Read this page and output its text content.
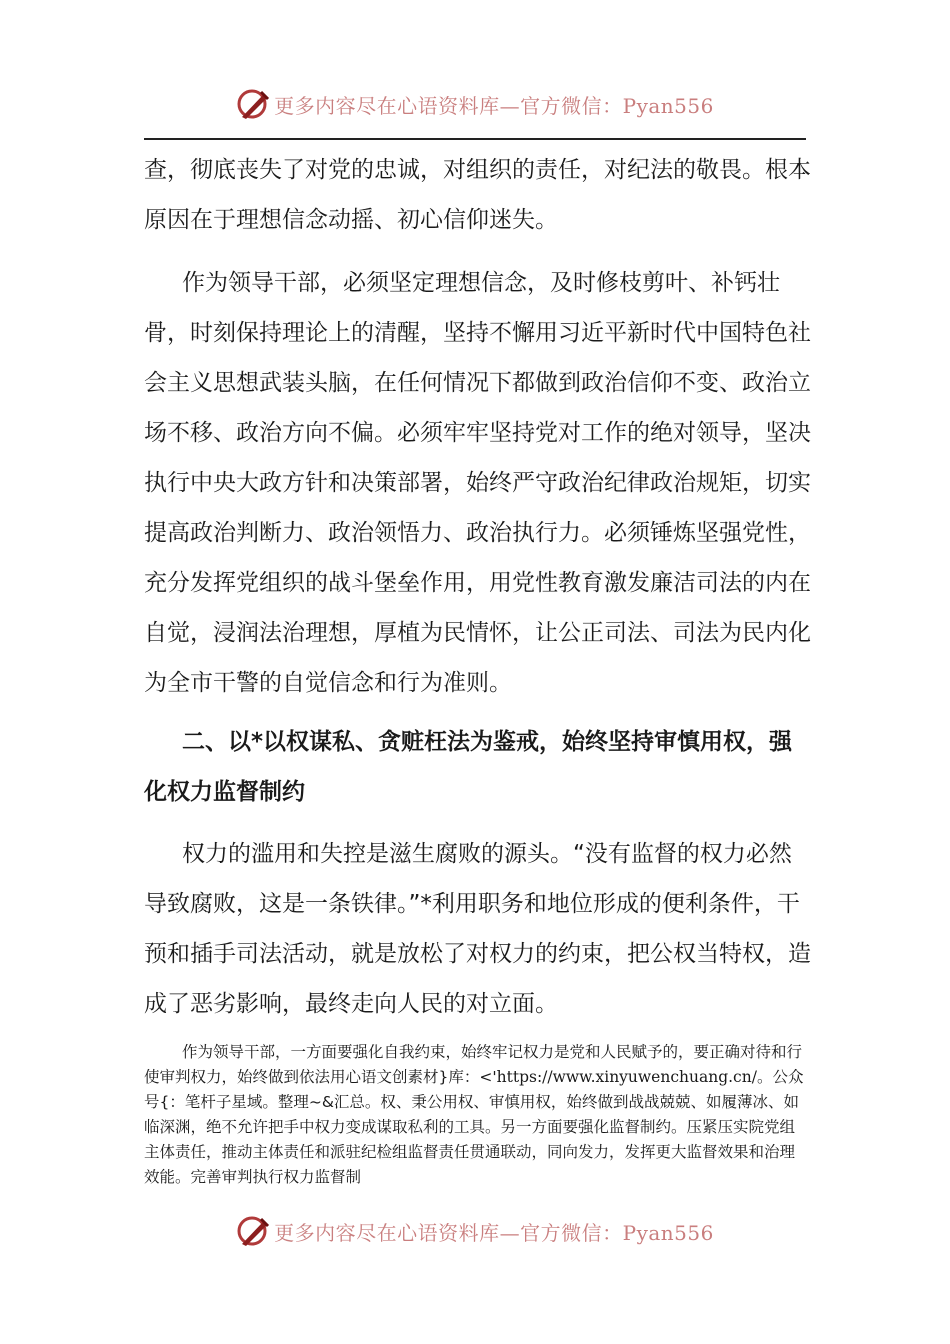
更多内容尽在心语资料库—官方微信：Pyan556

查，彻底丧失了对党的忠诚，对组织的责任，对纪法的敬畏。根本原因在于理想信念动摇、初心信仰迷失。

作为领导干部，必须坚定理想信念，及时修枝剪叶、补钙壮骨，时刻保持理论上的清醒，坚持不懈用习近平新时代中国特色社会主义思想武装头脑，在任何情况下都做到政治信仰不变、政治立场不移、政治方向不偏。必须牢牢坚持党对工作的绝对领导，坚决执行中央大政方针和决策部署，始终严守政治纪律政治规矩，切实提高政治判断力、政治领悟力、政治执行力。必须锤炼坚强党性，充分发挥党组织的战斗堡垒作用，用党性教育激发廉洁司法的内在自觉，浸润法治理想，厚植为民情怀，让公正司法、司法为民内化为全市干警的自觉信念和行为准则。

二、以*以权谋私、贪赃枉法为鉴戒，始终坚持审慎用权，强化权力监督制约

权力的滥用和失控是滋生腐败的源头。“没有监督的权力必然导致腐败，这是一条铁律。”*利用职务和地位形成的便利条件，干预和插手司法活动，就是放松了对权力的约束，把公权当特权，造成了恶劣影响，最终走向人民的对立面。

作为领导干部，一方面要强化自我约束，始终牢记权力是党和人民赋予的，要正确对待和行使审判权力，始终做到依法用心语文创素材}库：<'https://www.xinyuwenchuang.cn/。公众号{：笔杆子星域。整理~&汇总。权、秉公用权、审慎用权，始终做到战战兢兢、如履薄冰、如临深渊，绝不允许把手中权力变成谋取私利的工具。另一方面要强化监督制约。压紧压实院党组主体责任，推动主体责任和派驻纪检组监督责任贯通联动，同向发力，发挥更大监督效果和治理效能。完善审判执行权力监督制

更多内容尽在心语资料库—官方微信：Pyan556
